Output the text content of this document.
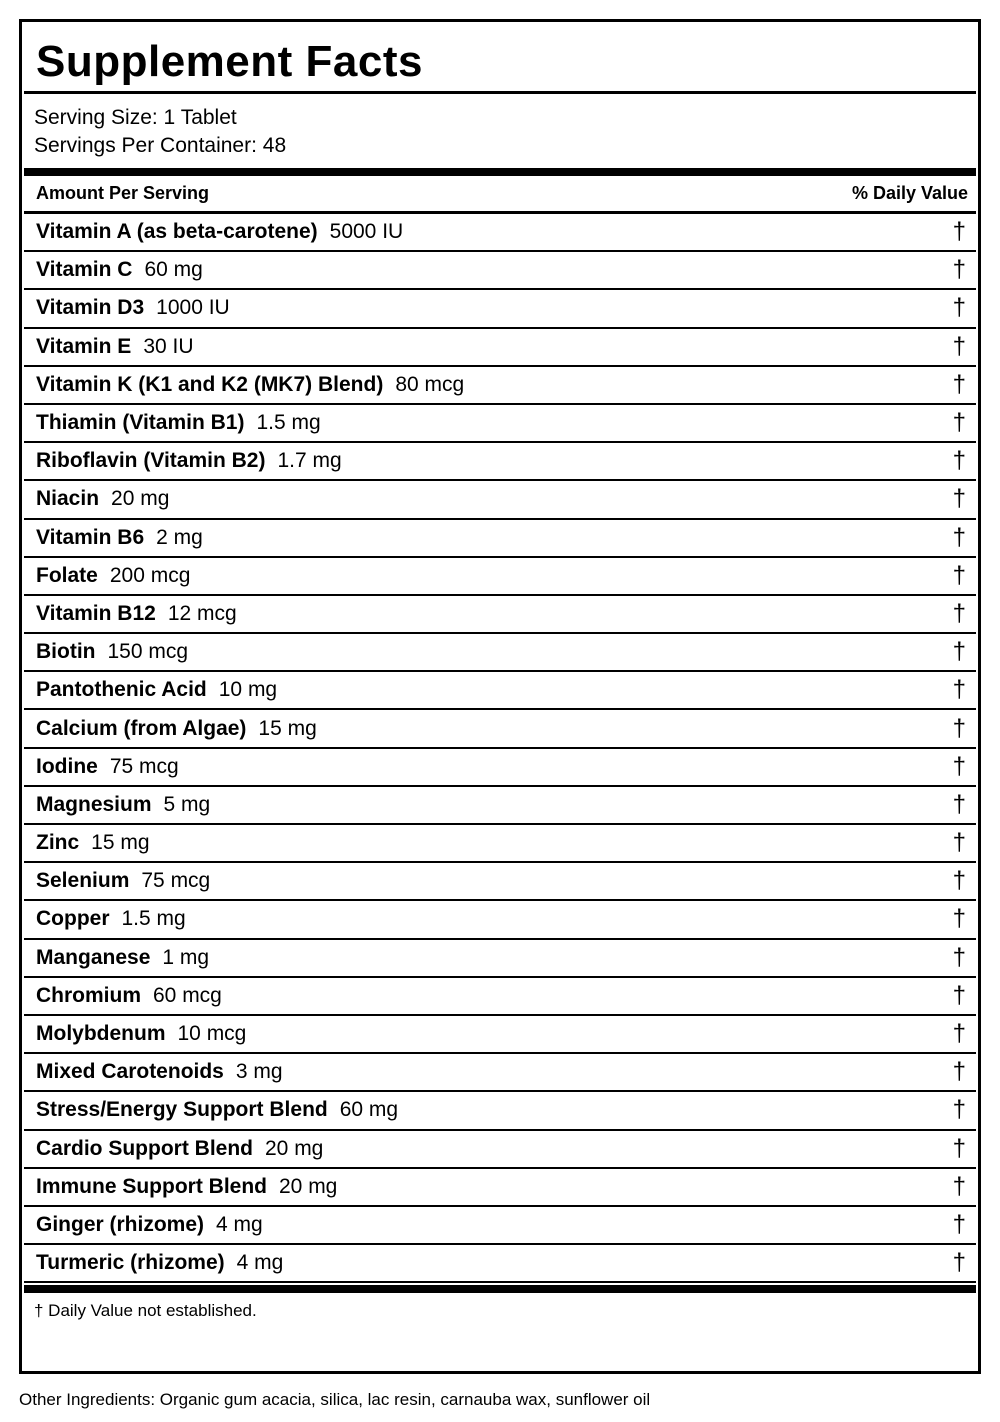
Supplement Facts
Serving Size: 1 Tablet
Servings Per Container: 48
Amount Per Serving	% Daily Value
Vitamin A (as beta-carotene) 5000 IU	†
Vitamin C 60 mg	†
Vitamin D3 1000 IU	†
Vitamin E 30 IU	†
Vitamin K (K1 and K2 (MK7) Blend) 80 mcg	†
Thiamin (Vitamin B1) 1.5 mg	†
Riboflavin (Vitamin B2) 1.7 mg	†
Niacin 20 mg	†
Vitamin B6 2 mg	†
Folate 200 mcg	†
Vitamin B12 12 mcg	†
Biotin 150 mcg	†
Pantothenic Acid 10 mg	†
Calcium (from Algae) 15 mg	†
Iodine 75 mcg	†
Magnesium 5 mg	†
Zinc 15 mg	†
Selenium 75 mcg	†
Copper 1.5 mg	†
Manganese 1 mg	†
Chromium 60 mcg	†
Molybdenum 10 mcg	†
Mixed Carotenoids 3 mg	†
Stress/Energy Support Blend 60 mg	†
Cardio Support Blend 20 mg	†
Immune Support Blend 20 mg	†
Ginger (rhizome) 4 mg	†
Turmeric (rhizome) 4 mg	†
† Daily Value not established.
Other Ingredients: Organic gum acacia, silica, lac resin, carnauba wax, sunflower oil
